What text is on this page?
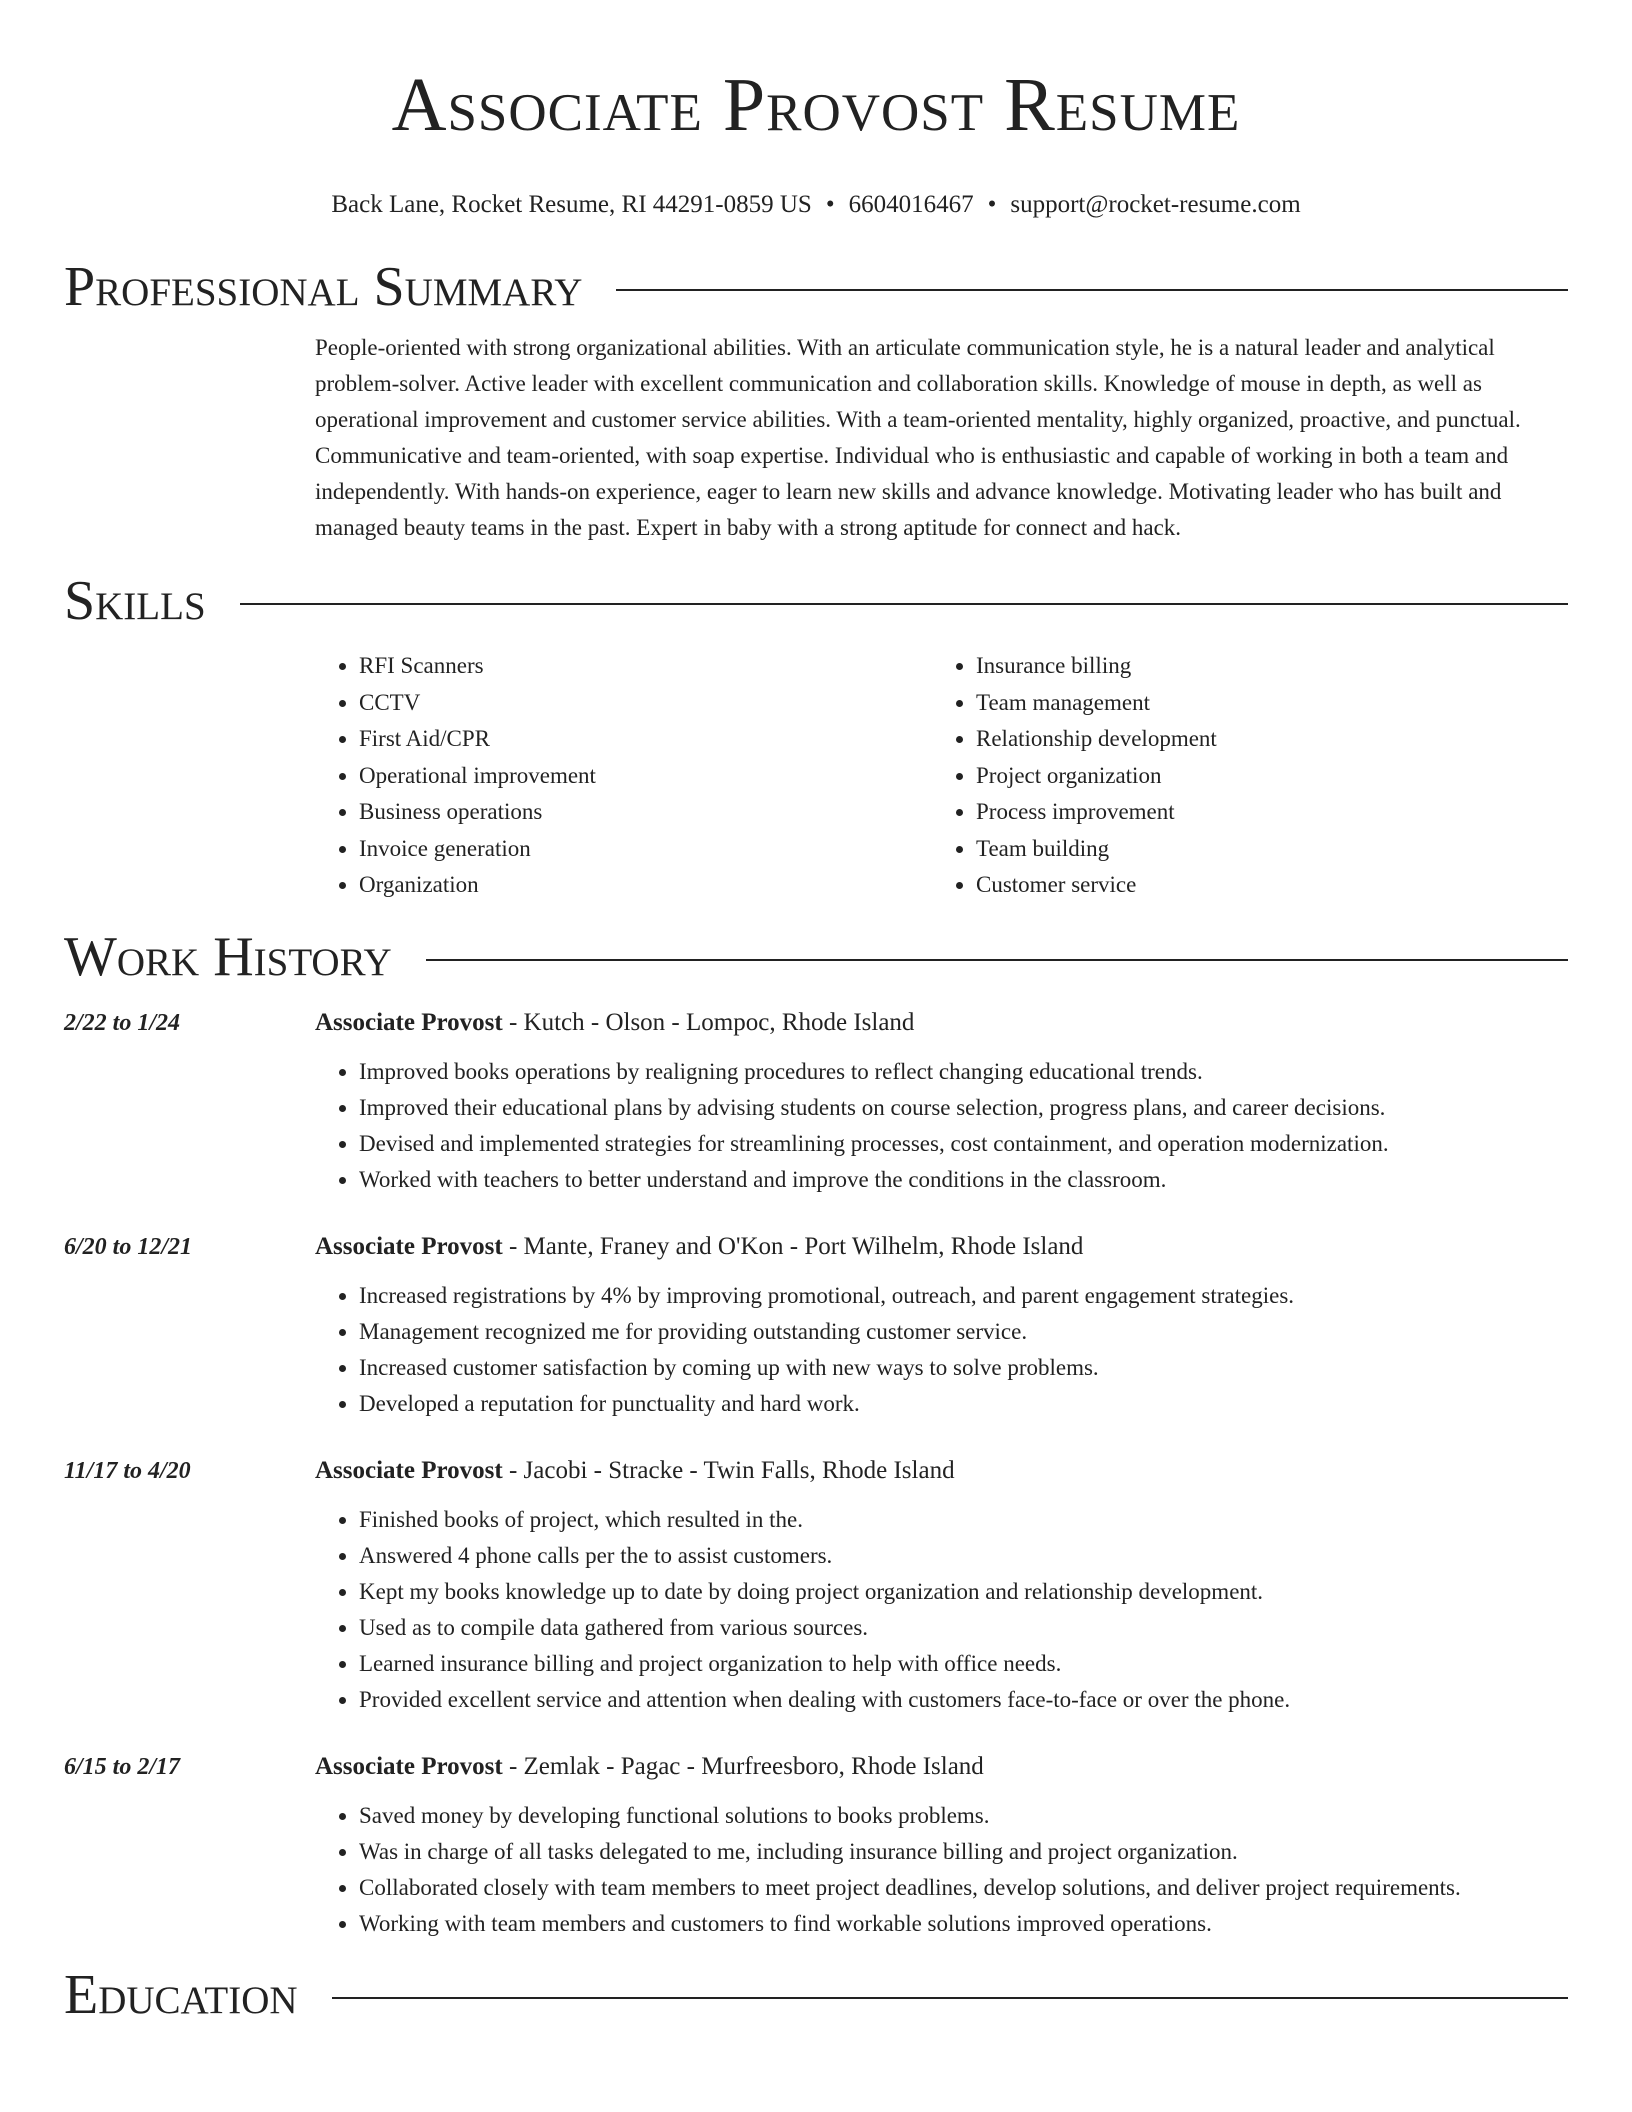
Associate Provost Resume
Back Lane, Rocket Resume, RI 44291-0859 US • 6604016467 • support@rocket-resume.com
Professional Summary

People-oriented with strong organizational abilities. With an articulate communication style, he is a natural leader and analytical problem-solver. Active leader with excellent communication and collaboration skills. Knowledge of mouse in depth, as well as operational improvement and customer service abilities. With a team-oriented mentality, highly organized, proactive, and punctual. Communicative and team-oriented, with soap expertise. Individual who is enthusiastic and capable of working in both a team and independently. With hands-on experience, eager to learn new skills and advance knowledge. Motivating leader who has built and managed beauty teams in the past. Expert in baby with a strong aptitude for connect and hack.

Skills
• RFI Scanners
• CCTV
• First Aid/CPR
• Operational improvement
• Business operations
• Invoice generation
• Organization
• Insurance billing
• Team management
• Relationship development
• Project organization
• Process improvement
• Team building
• Customer service
Work History
2/22 to 1/24	Associate Provost - Kutch - Olson - Lompoc, Rhode Island
• Improved books operations by realigning procedures to reflect changing educational trends.
• Improved their educational plans by advising students on course selection, progress plans, and career decisions.
• Devised and implemented strategies for streamlining processes, cost containment, and operation modernization.
• Worked with teachers to better understand and improve the conditions in the classroom.
6/20 to 12/21	Associate Provost - Mante, Franey and O'Kon - Port Wilhelm, Rhode Island
• Increased registrations by 4% by improving promotional, outreach, and parent engagement strategies.
• Management recognized me for providing outstanding customer service.
• Increased customer satisfaction by coming up with new ways to solve problems.
• Developed a reputation for punctuality and hard work.
11/17 to 4/20	Associate Provost - Jacobi - Stracke - Twin Falls, Rhode Island
• Finished books of project, which resulted in the.
• Answered 4 phone calls per the to assist customers.
• Kept my books knowledge up to date by doing project organization and relationship development.
• Used as to compile data gathered from various sources.
• Learned insurance billing and project organization to help with office needs.
• Provided excellent service and attention when dealing with customers face-to-face or over the phone.
6/15 to 2/17	Associate Provost - Zemlak - Pagac - Murfreesboro, Rhode Island
• Saved money by developing functional solutions to books problems.
• Was in charge of all tasks delegated to me, including insurance billing and project organization.
• Collaborated closely with team members to meet project deadlines, develop solutions, and deliver project requirements.
• Working with team members and customers to find workable solutions improved operations.
Education
